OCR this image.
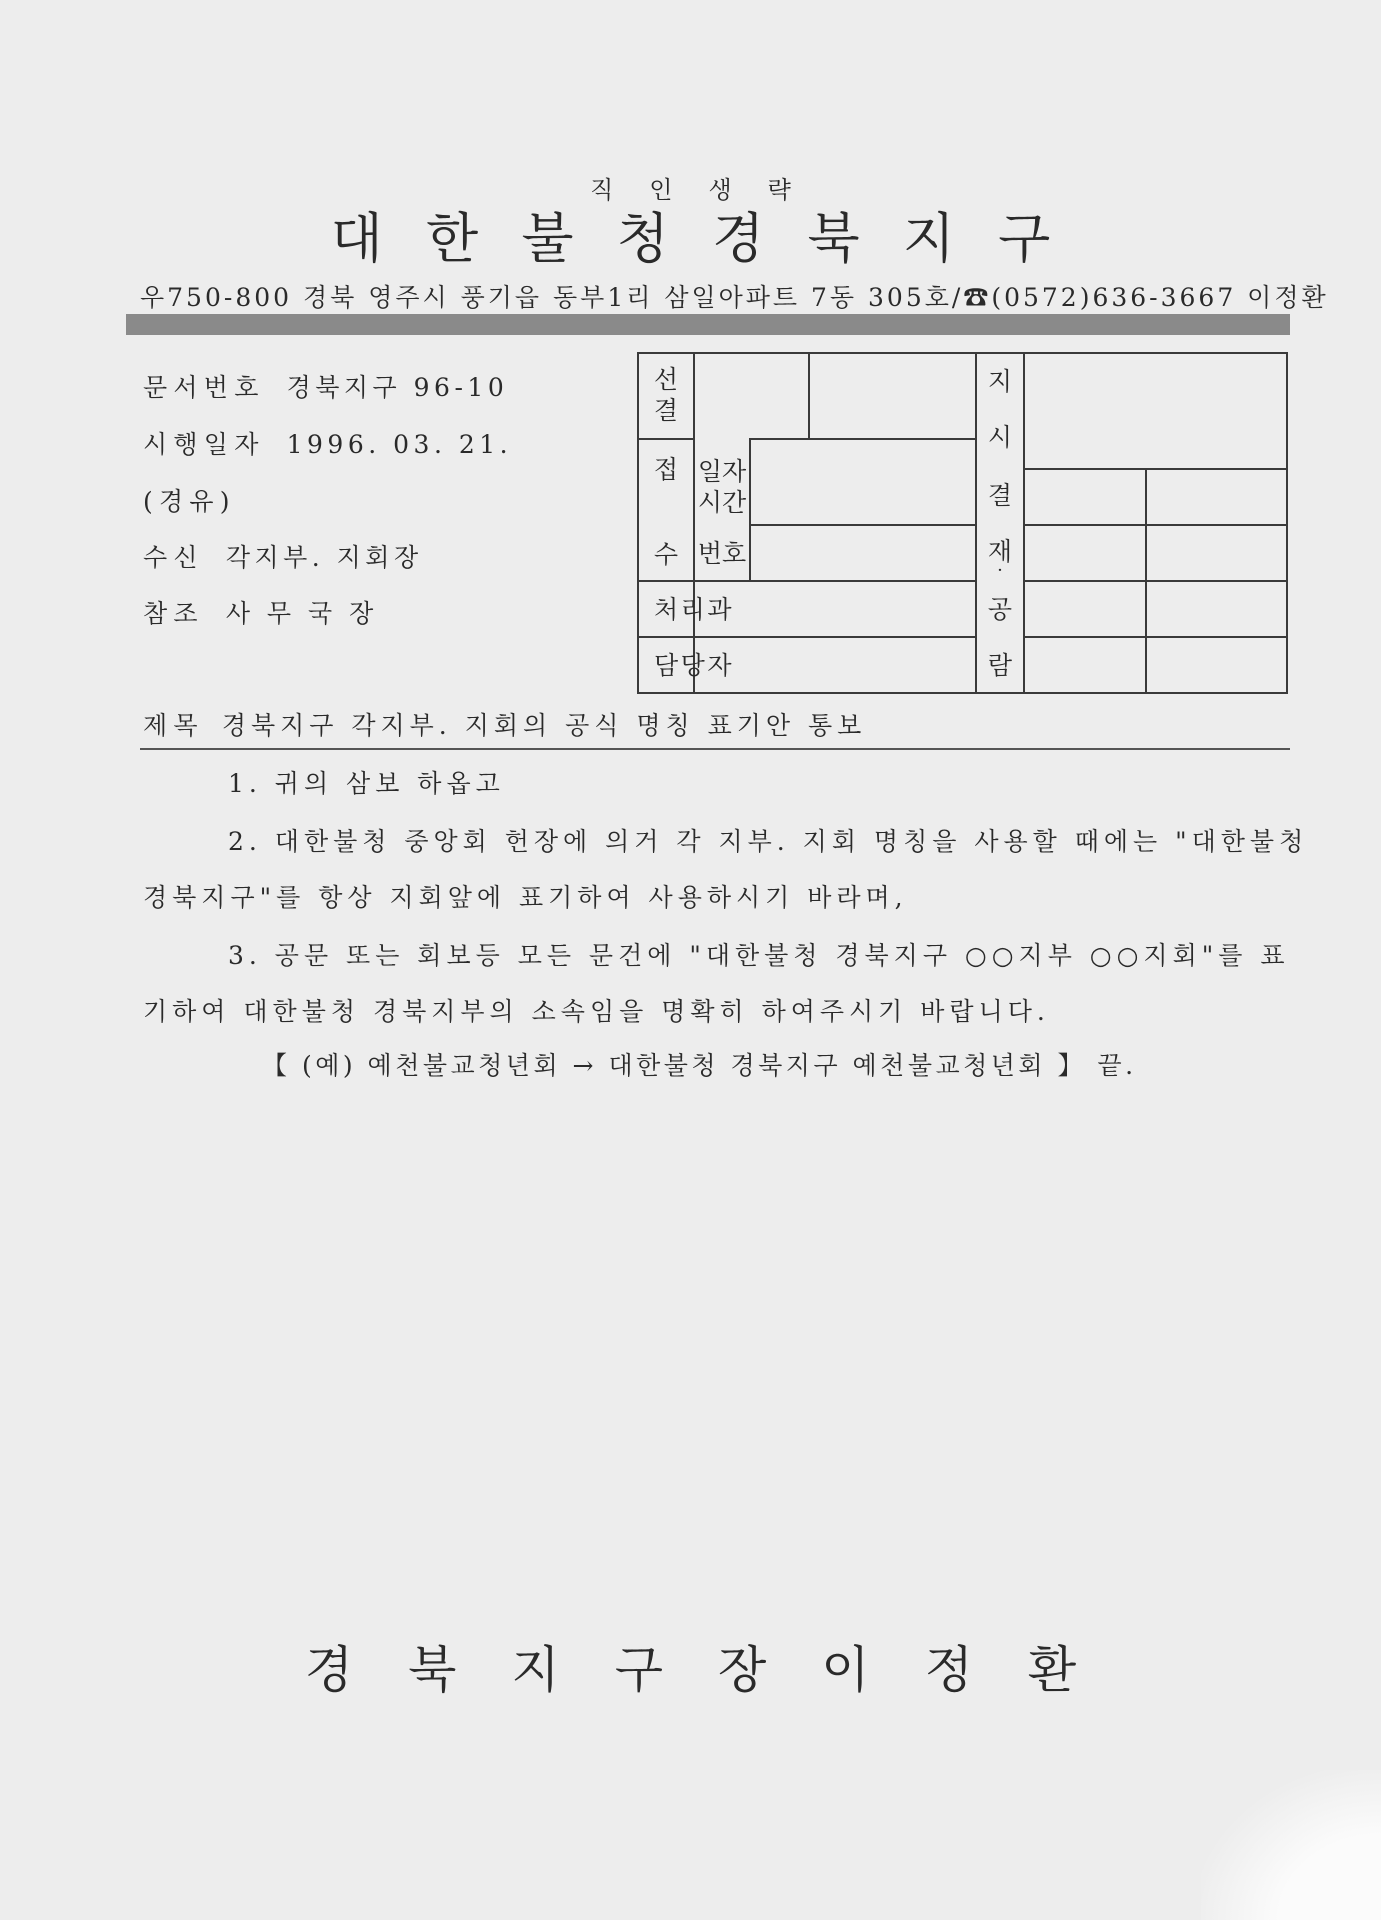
직인생략
대한불청경북지구
우750-800 경북 영주시 풍기읍 동부1리 삼일아파트 7동 305호/☎(0572)636-3667 이정환
문서번호 경북지구 96-10
시행일자 1996. 03. 21.
(경유)
수신 각지부. 지회장
참조 사 무 국 장
선
결
접
수
일자
시간
번호
처리과
담당자
지
시
결
재
·
공
람
제목 경북지구 각지부. 지회의 공식 명칭 표기안 통보
1. 귀의 삼보 하옵고
2. 대한불청 중앙회 헌장에 의거 각 지부. 지회 명칭을 사용할 때에는 "대한불청
경북지구"를 항상 지회앞에 표기하여 사용하시기 바라며,
3. 공문 또는 회보등 모든 문건에 "대한불청 경북지구 ○○지부 ○○지회"를 표
기하여 대한불청 경북지부의 소속임을 명확히 하여주시기 바랍니다.
【 (예) 예천불교청년회 → 대한불청 경북지구 예천불교청년회 】 끝.
경북지구장이정환
